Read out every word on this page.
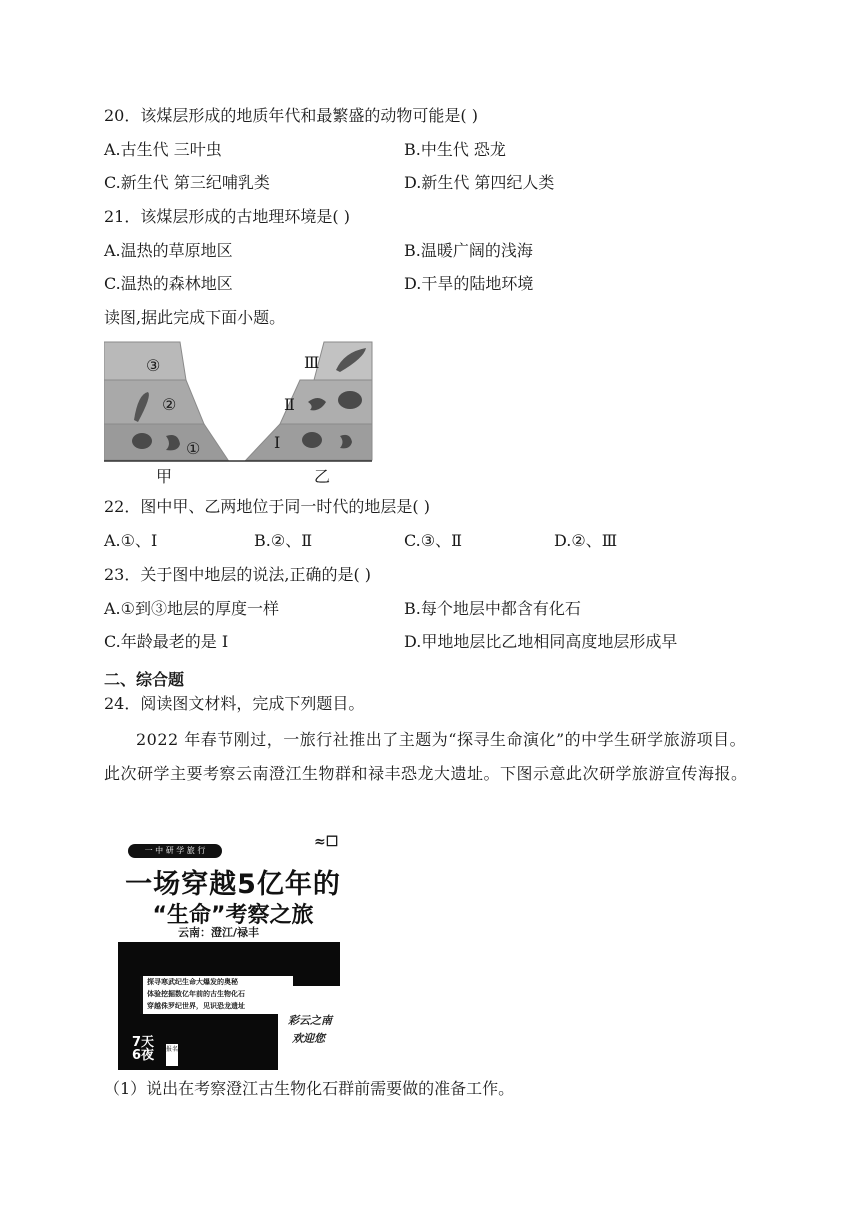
20．该煤层形成的地质年代和最繁盛的动物可能是( )
A.古生代 三叶虫	B.中生代 恐龙
C.新生代 第三纪哺乳类	D.新生代 第四纪人类
21．该煤层形成的古地理环境是( )
A.温热的草原地区	B.温暖广阔的浅海
C.温热的森林地区	D.干旱的陆地环境
读图,据此完成下面小题。
③
②
①
Ⅲ
Ⅱ
I
甲	乙
22．图中甲、乙两地位于同一时代的地层是( )
A.①、I	B.②、Ⅱ	C.③、Ⅱ	D.②、Ⅲ
23．关于图中地层的说法,正确的是( )
A.①到③地层的厚度一样	B.每个地层中都含有化石
C.年龄最老的是 I	D.甲地地层比乙地相同高度地层形成早
二、综合题
24．阅读图文材料，完成下列题目。
2022 年春节刚过，一旅行社推出了主题为“探寻生命演化”的中学生研学旅游项目。此次研学主要考察云南澄江生物群和禄丰恐龙大遗址。下图示意此次研学旅游宣传海报。
≈☐
一 中 研 学 旅 行
一场穿越5亿年的
“生命”考察之旅
云南：澄江/禄丰
探寻寒武纪生命大爆发的奥秘
体验挖掘数亿年前的古生物化石
穿越侏罗纪世界，见识恐龙遗址
彩云之南
欢迎您
7天
6夜 报名
（1）说出在考察澄江古生物化石群前需要做的准备工作。
